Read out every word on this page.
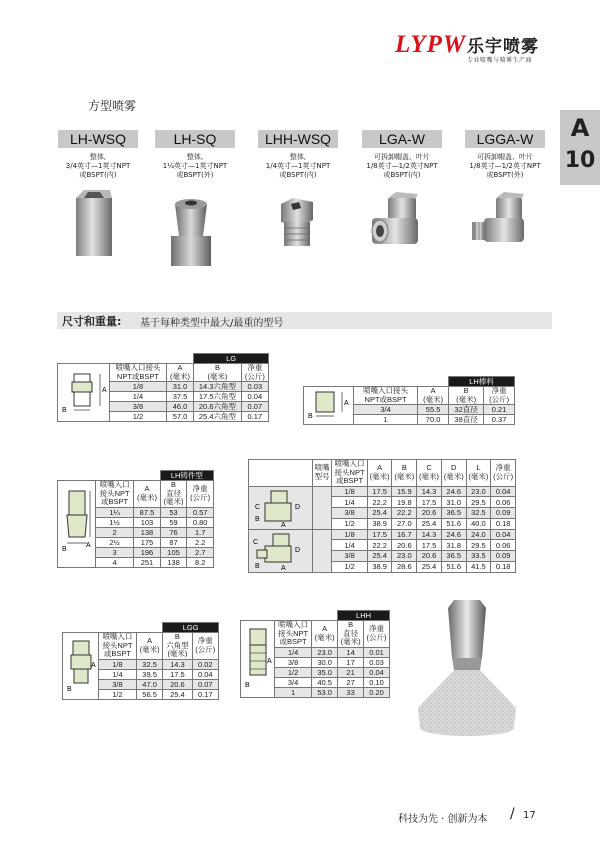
LYPW 乐宇喷雾
专业喷嘴与喷雾生产商
A
10
方型喷雾
LH-WSQ
整体,
3/4英寸—1英寸NPT
或BSPT(内)
LH-SQ
整体,
1¼英寸—1英寸NPT
或BSPT(外)
LHH-WSQ
整体,
1/4英寸—1英寸NPT
或BSPT(内)
LGA-W
可拆卸帽盖、叶片
1/8英寸—1/2英寸NPT
或BSPT(内)
LGGA-W
可拆卸帽盖、叶片
1/8英寸—1/2英寸NPT
或BSPT(外)
尺寸和重量: 基于每种类型中最大/最重的型号
			LG	

A
B	喷嘴入口接头
NPT或BSPT	A
(毫米)	B
(毫米)	净重
(公斤)
	1/8	31.0	14.3六角型	0.03
	1/4	37.5	17.5六角型	0.04
	3/8	46.0	20.6六角型	0.07
	1/2	57.0	25.4六角型	0.17
			LH棒料	

A
B	喷嘴入口接头
NPT或BSPT	A
(毫米)	B
(毫米)	净重
(公斤)
	3/4	55.5	32直径	0.21
	1	70.0	38直径	0.37
			LH铸件型	

A
B	喷嘴入口
接头NPT
或BSPT	A
(毫米)	B
直径
(毫米)	净重
(公斤)
	1¼	87.5	53	0.57
	1½	103	59	0.80
	2	138	76	1.7
	2½	175	87	2.2
	3	196	105	2.7
	4	251	138	8.2
	喷嘴
型号	喷嘴入口
接头NPT
或BSPT	A
(毫米)	B
(毫米)	C
(毫米)	D
(毫米)	L
(毫米)	净重
(公斤)

C D
B
A		1/8	17.5	15.9	14.3	24.6	23.0	0.04
		1/4	22.2	19.8	17.5	31.0	29.5	0.06
		3/8	25.4	22.2	20.6	36.5	32.5	0.09
		1/2	38.9	27.0	25.4	51.6	40.0	0.18

C
D
B A		1/8	17.5	16.7	14.3	24.6	24.0	0.04
		1/4	22.2	20.6	17.5	31.8	29.5	0.06
		3/8	25.4	23.0	20.6	36.5	33.5	0.09
		1/2	38.9	28.6	25.4	51.6	41.5	0.18
			LGG	

A
B	喷嘴入口
接头NPT
或BSPT	A
(毫米)	B
六角型
(毫米)	净重
(公斤)
	1/8	32.5	14.3	0.02
	1/4	39.5	17.5	0.04
	3/8	47.0	20.6	0.07
	1/2	56.5	25.4	0.17
			LHH	

A
B	喷嘴入口
接头NPT
或BSPT	A
(毫米)	B
直径
(毫米)	净重
(公斤)
	1/4	23.0	14	0.01
	3/8	30.0	17	0.03
	1/2	35.0	21	0.04
	3/4	40.5	27	0.10
	1	53.0	33	0.20
科技为先 · 创新为本 / 17
